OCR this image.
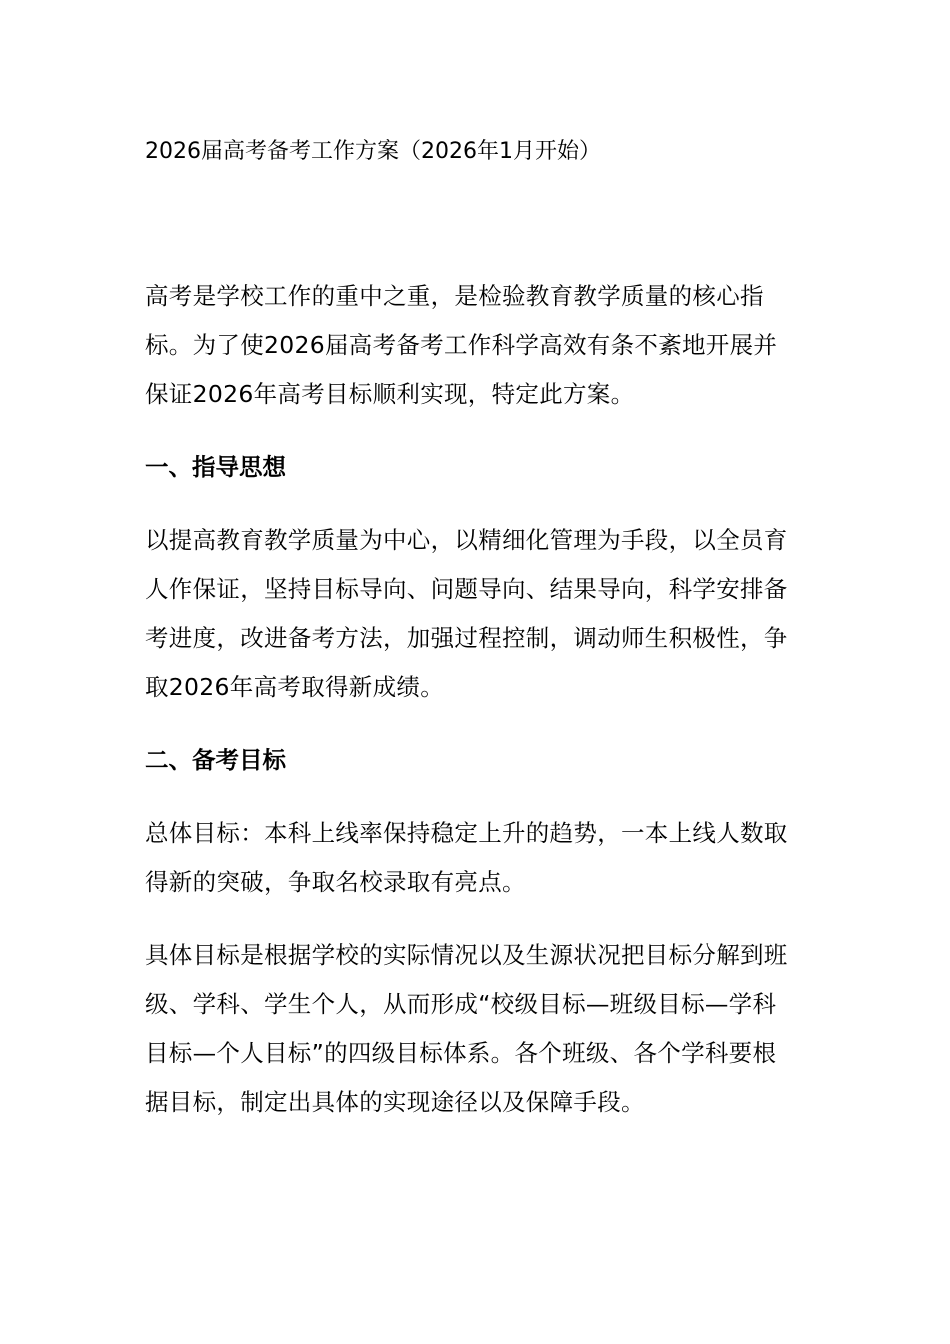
2026届高考备考工作方案（2026年1月开始）

高考是学校工作的重中之重，是检验教育教学质量的核心指标。为了使2026届高考备考工作科学高效有条不紊地开展并保证2026年高考目标顺利实现，特定此方案。

一、指导思想

以提高教育教学质量为中心，以精细化管理为手段，以全员育人作保证，坚持目标导向、问题导向、结果导向，科学安排备考进度，改进备考方法，加强过程控制，调动师生积极性，争取2026年高考取得新成绩。

二、备考目标

总体目标：本科上线率保持稳定上升的趋势，一本上线人数取得新的突破，争取名校录取有亮点。

具体目标是根据学校的实际情况以及生源状况把目标分解到班级、学科、学生个人，从而形成“校级目标—班级目标—学科目标—个人目标”的四级目标体系。各个班级、各个学科要根据目标，制定出具体的实现途径以及保障手段。
